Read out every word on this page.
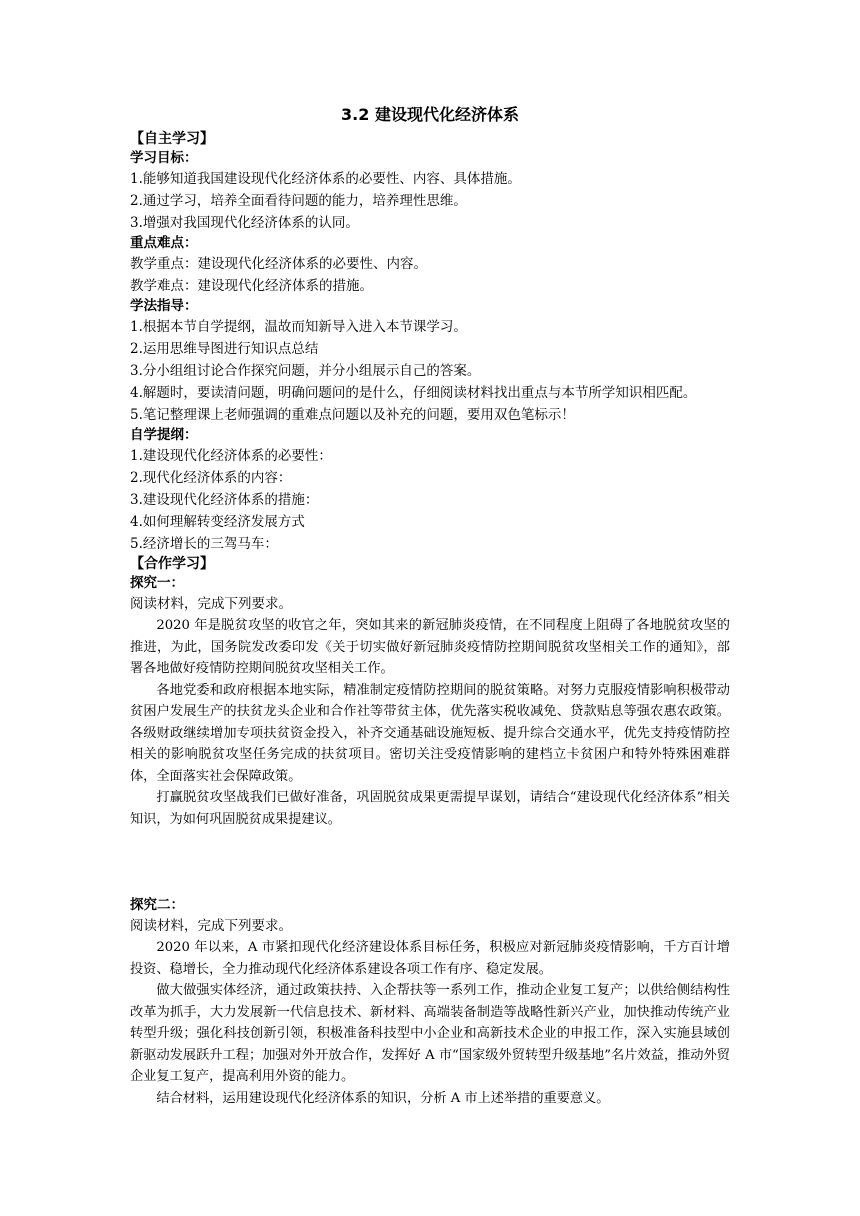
3.2 建设现代化经济体系
【自主学习】
学习目标：
1.能够知道我国建设现代化经济体系的必要性、内容、具体措施。
2.通过学习，培养全面看待问题的能力，培养理性思维。
3.增强对我国现代化经济体系的认同。
重点难点：
教学重点：建设现代化经济体系的必要性、内容。
教学难点：建设现代化经济体系的措施。
学法指导：
1.根据本节自学提纲，温故而知新导入进入本节课学习。
2.运用思维导图进行知识点总结
3.分小组组讨论合作探究问题，并分小组展示自己的答案。
4.解题时，要读清问题，明确问题问的是什么，仔细阅读材料找出重点与本节所学知识相匹配。
5.笔记整理课上老师强调的重难点问题以及补充的问题，要用双色笔标示！
自学提纲：
1.建设现代化经济体系的必要性：
2.现代化经济体系的内容：
3.建设现代化经济体系的措施：
4.如何理解转变经济发展方式
5.经济增长的三驾马车：
【合作学习】
探究一：
阅读材料，完成下列要求。
2020 年是脱贫攻坚的收官之年，突如其来的新冠肺炎疫情，在不同程度上阻碍了各地脱贫攻坚的推进，为此，国务院发改委印发《关于切实做好新冠肺炎疫情防控期间脱贫攻坚相关工作的通知》，部署各地做好疫情防控期间脱贫攻坚相关工作。
各地党委和政府根据本地实际，精准制定疫情防控期间的脱贫策略。对努力克服疫情影响积极带动贫困户发展生产的扶贫龙头企业和合作社等带贫主体，优先落实税收减免、贷款贴息等强农惠农政策。各级财政继续增加专项扶贫资金投入，补齐交通基础设施短板、提升综合交通水平，优先支持疫情防控相关的影响脱贫攻坚任务完成的扶贫项目。密切关注受疫情影响的建档立卡贫困户和特外特殊困难群体，全面落实社会保障政策。
打赢脱贫攻坚战我们已做好准备，巩固脱贫成果更需提早谋划，请结合“建设现代化经济体系”相关知识，为如何巩固脱贫成果提建议。
探究二：
阅读材料，完成下列要求。
2020 年以来，A 市紧扣现代化经济建设体系目标任务，积极应对新冠肺炎疫情影响，千方百计增投资、稳增长，全力推动现代化经济体系建设各项工作有序、稳定发展。
做大做强实体经济，通过政策扶持、入企帮扶等一系列工作，推动企业复工复产；以供给侧结构性改革为抓手，大力发展新一代信息技术、新材料、高端装备制造等战略性新兴产业，加快推动传统产业转型升级；强化科技创新引领，积极准备科技型中小企业和高新技术企业的申报工作，深入实施县域创新驱动发展跃升工程；加强对外开放合作，发挥好 A 市“国家级外贸转型升级基地”名片效益，推动外贸企业复工复产，提高利用外资的能力。
结合材料，运用建设现代化经济体系的知识，分析 A 市上述举措的重要意义。
